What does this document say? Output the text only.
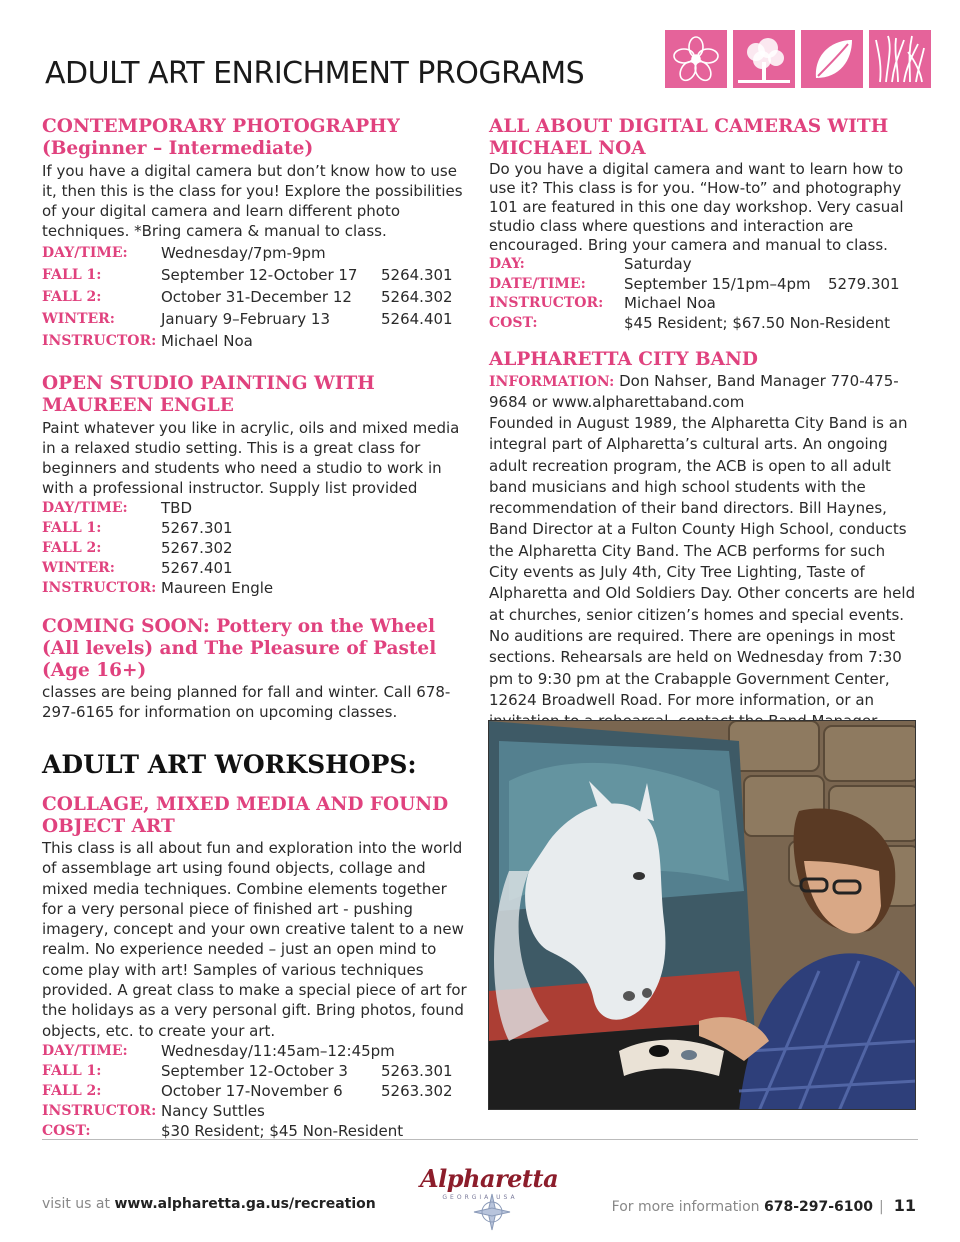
ADULT ART ENRICHMENT PROGRAMS
CONTEMPORARY PHOTOGRAPHY
(Beginner – Intermediate)
If you have a digital camera but don’t know how to use it, then this is the class for you! Explore the possibilities of your digital camera and learn different photo techniques. *Bring camera & manual to class.
DAY/TIME:	Wednesday/7pm-9pm
FALL 1:	September 12-October 17	5264.301
FALL 2:	October 31-December 12	5264.302
WINTER:	January 9–February 13	5264.401
INSTRUCTOR: Michael Noa
OPEN STUDIO PAINTING WITH MAUREEN ENGLE
Paint whatever you like in acrylic, oils and mixed media in a relaxed studio setting. This is a great class for beginners and students who need a studio to work in with a professional instructor. Supply list provided
DAY/TIME:	TBD
FALL 1:	5267.301
FALL 2:	5267.302
WINTER:	5267.401
INSTRUCTOR: Maureen Engle
COMING SOON: Pottery on the Wheel (All levels) and The Pleasure of Pastel (Age 16+)
classes are being planned for fall and winter. Call 678-297-6165 for information on upcoming classes.
ADULT ART WORKSHOPS:
COLLAGE, MIXED MEDIA AND FOUND OBJECT ART
This class is all about fun and exploration into the world of assemblage art using found objects, collage and mixed media techniques. Combine elements together for a very personal piece of finished art - pushing imagery, concept and your own creative talent to a new realm. No experience needed – just an open mind to come play with art! Samples of various techniques provided. A great class to make a special piece of art for the holidays as a very personal gift. Bring photos, found objects, etc. to create your art.
DAY/TIME:	Wednesday/11:45am–12:45pm
FALL 1:	September 12-October 3	5263.301
FALL 2:	October 17-November 6	5263.302
INSTRUCTOR: Nancy Suttles
COST:	$30 Resident; $45 Non-Resident
ALL ABOUT DIGITAL CAMERAS WITH MICHAEL NOA
Do you have a digital camera and want to learn how to use it? This class is for you. “How-to” and photography 101 are featured in this one day workshop. Very casual studio class where questions and interaction are encouraged. Bring your camera and manual to class.
DAY:	Saturday
DATE/TIME:	September 15/1pm–4pm	5279.301
INSTRUCTOR:	Michael Noa
COST:	$45 Resident; $67.50 Non-Resident
ALPHARETTA CITY BAND
INFORMATION: Don Nahser, Band Manager 770-475-9684 or www.alpharettaband.com
Founded in August 1989, the Alpharetta City Band is an integral part of Alpharetta’s cultural arts. An ongoing adult recreation program, the ACB is open to all adult band musicians and high school students with the recommendation of their band directors. Bill Haynes, Band Director at a Fulton County High School, conducts the Alpharetta City Band. The ACB performs for such City events as July 4th, City Tree Lighting, Taste of Alpharetta and Old Soldiers Day. Other concerts are held at churches, senior citizen’s homes and special events. No auditions are required. There are openings in most sections. Rehearsals are held on Wednesday from 7:30 pm to 9:30 pm at the Crabapple Government Center, 12624 Broadwell Road. For more information, or an
visit us at www.alpharetta.ga.us/recreation
Alpharetta
GEORGIA USA
For more information 678-297-6100 | 11
